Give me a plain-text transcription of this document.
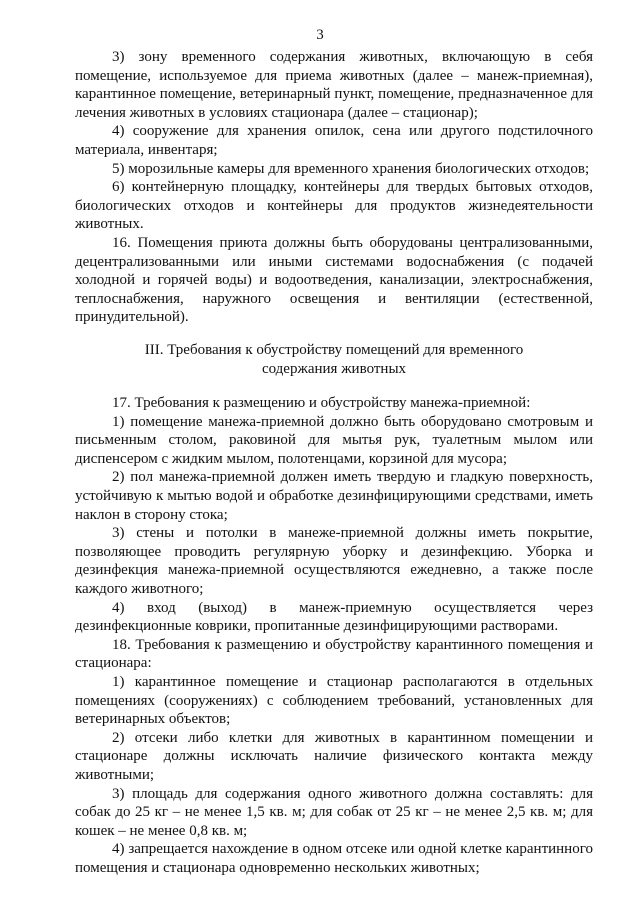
3

3) зону временного содержания животных, включающую в себя помещение, используемое для приема животных (далее – манеж-приемная), карантинное помещение, ветеринарный пункт, помещение, предназначенное для лечения животных в условиях стационара (далее – стационар);

4) сооружение для хранения опилок, сена или другого подстилочного материала, инвентаря;

5) морозильные камеры для временного хранения биологических отходов;

6) контейнерную площадку, контейнеры для твердых бытовых отходов, биологических отходов и контейнеры для продуктов жизнедеятельности животных.

16. Помещения приюта должны быть оборудованы централизованными, децентрализованными или иными системами водоснабжения (с подачей холодной и горячей воды) и водоотведения, канализации, электроснабжения, теплоснабжения, наружного освещения и вентиляции (естественной, принудительной).

III. Требования к обустройству помещений для временного
содержания животных

17. Требования к размещению и обустройству манежа-приемной:

1) помещение манежа-приемной должно быть оборудовано смотровым и письменным столом, раковиной для мытья рук, туалетным мылом или диспенсером с жидким мылом, полотенцами, корзиной для мусора;

2) пол манежа-приемной должен иметь твердую и гладкую поверхность, устойчивую к мытью водой и обработке дезинфицирующими средствами, иметь наклон в сторону стока;

3) стены и потолки в манеже-приемной должны иметь покрытие, позволяющее проводить регулярную уборку и дезинфекцию. Уборка и дезинфекция манежа-приемной осуществляются ежедневно, а также после каждого животного;

4) вход (выход) в манеж-приемную осуществляется через дезинфекционные коврики, пропитанные дезинфицирующими растворами.

18. Требования к размещению и обустройству карантинного помещения и стационара:

1) карантинное помещение и стационар располагаются в отдельных помещениях (сооружениях) с соблюдением требований, установленных для ветеринарных объектов;

2) отсеки либо клетки для животных в карантинном помещении и стационаре должны исключать наличие физического контакта между животными;

3) площадь для содержания одного животного должна составлять: для собак до 25 кг – не менее 1,5 кв. м; для собак от 25 кг – не менее 2,5 кв. м; для кошек – не менее 0,8 кв. м;

4) запрещается нахождение в одном отсеке или одной клетке карантинного помещения и стационара одновременно нескольких животных;
